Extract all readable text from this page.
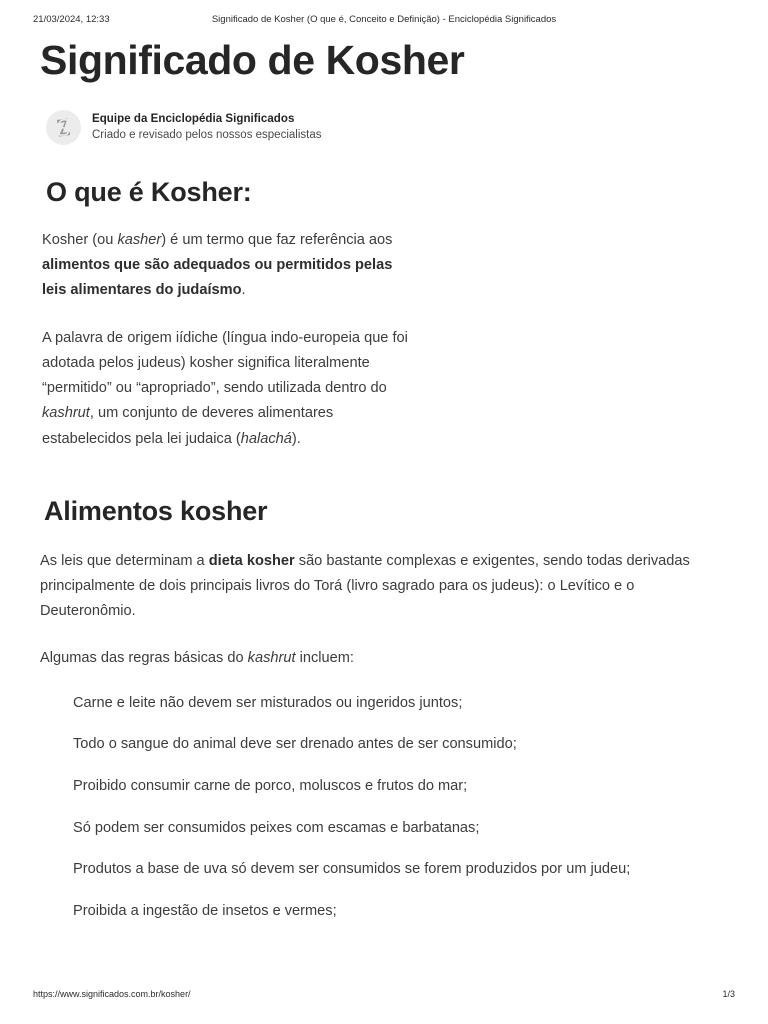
21/03/2024, 12:33	Significado de Kosher (O que é, Conceito e Definição) - Enciclopédia Significados
Significado de Kosher
Equipe da Enciclopédia Significados
Criado e revisado pelos nossos especialistas
O que é Kosher:

Kosher (ou kasher) é um termo que faz referência aos alimentos que são adequados ou permitidos pelas leis alimentares do judaísmo.

A palavra de origem iídiche (língua indo-europeia que foi adotada pelos judeus) kosher significa literalmente “permitido” ou “apropriado”, sendo utilizada dentro do kashrut, um conjunto de deveres alimentares estabelecidos pela lei judaica (halachá).

Alimentos kosher

As leis que determinam a dieta kosher são bastante complexas e exigentes, sendo todas derivadas principalmente de dois principais livros do Torá (livro sagrado para os judeus): o Levítico e o Deuteronômio.

Algumas das regras básicas do kashrut incluem:

Carne e leite não devem ser misturados ou ingeridos juntos;
Todo o sangue do animal deve ser drenado antes de ser consumido;
Proibido consumir carne de porco, moluscos e frutos do mar;
Só podem ser consumidos peixes com escamas e barbatanas;
Produtos a base de uva só devem ser consumidos se forem produzidos por um judeu;
Proibida a ingestão de insetos e vermes;
https://www.significados.com.br/kosher/	1/3
